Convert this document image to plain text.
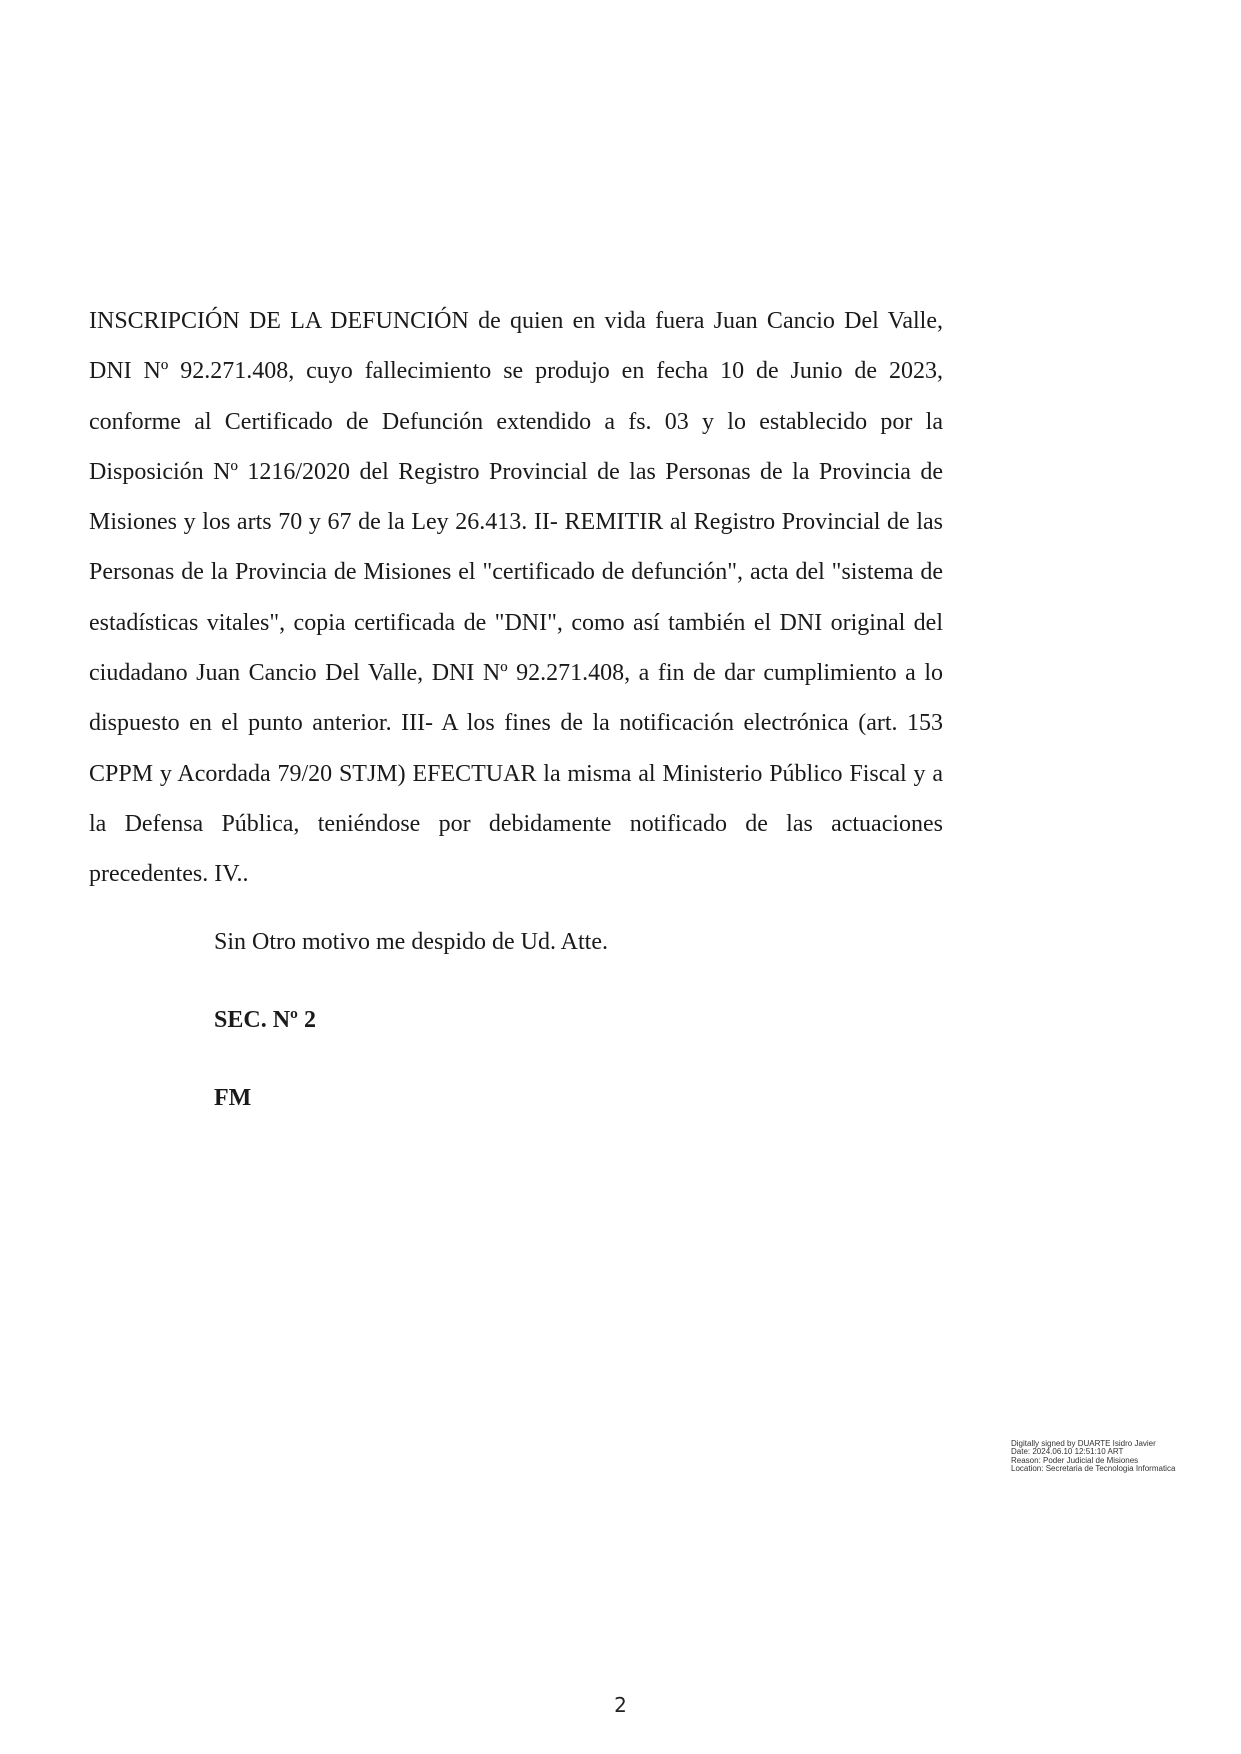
INSCRIPCIÓN DE LA DEFUNCIÓN de quien en vida fuera Juan Cancio Del Valle, DNI Nº 92.271.408, cuyo fallecimiento se produjo en fecha 10 de Junio de 2023, conforme al Certificado de Defunción extendido a fs. 03 y lo establecido por la Disposición Nº 1216/2020 del Registro Provincial de las Personas de la Provincia de Misiones y los arts 70 y 67 de la Ley 26.413. II- REMITIR al Registro Provincial de las Personas de la Provincia de Misiones el "certificado de defunción", acta del "sistema de estadísticas vitales", copia certificada de "DNI", como así también el DNI original del ciudadano Juan Cancio Del Valle, DNI Nº 92.271.408, a fin de dar cumplimiento a lo dispuesto en el punto anterior. III- A los fines de la notificación electrónica (art. 153 CPPM y Acordada 79/20 STJM) EFECTUAR la misma al Ministerio Público Fiscal y a la Defensa Pública, teniéndose por debidamente notificado de las actuaciones precedentes. IV..

Sin Otro motivo me despido de Ud. Atte.

SEC. Nº 2

FM

Digitally signed by DUARTE Isidro Javier
Date: 2024.06.10 12:51:10 ART
Reason: Poder Judicial de Misiones
Location: Secretaria de Tecnologia Informatica
2
